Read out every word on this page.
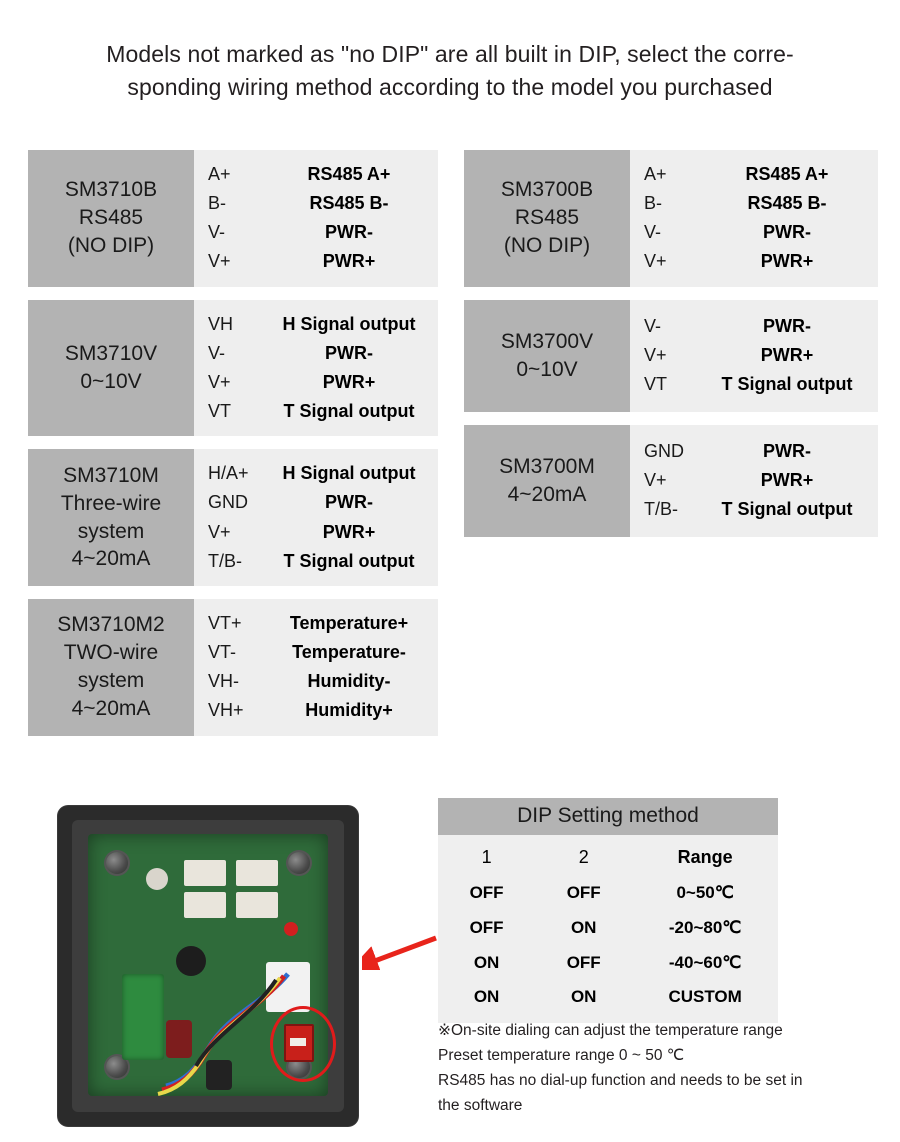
Models not marked as "no DIP" are all built in DIP, select the corre-
sponding wiring method according to the model you purchased
SM3710B
RS485
(NO DIP)
A+	RS485 A+
B-	RS485 B-
V-	PWR-
V+	PWR+
SM3710V
0~10V
VH	H Signal output
V-	PWR-
V+	PWR+
VT	T Signal output
SM3710M
Three-wire
system
4~20mA
H/A+	H Signal output
GND	PWR-
V+	PWR+
T/B-	T Signal output
SM3710M2
TWO-wire
system
4~20mA
VT+	Temperature+
VT-	Temperature-
VH-	Humidity-
VH+	Humidity+
SM3700B
RS485
(NO DIP)
A+	RS485 A+
B-	RS485 B-
V-	PWR-
V+	PWR+
SM3700V
0~10V
V-	PWR-
V+	PWR+
VT	T Signal output
SM3700M
4~20mA
GND	PWR-
V+	PWR+
T/B-	T Signal output
DIP Setting method
1	2	Range
OFF	OFF	0~50℃
OFF	ON	-20~80℃
ON	OFF	-40~60℃
ON	ON	CUSTOM
※On-site dialing can adjust the temperature range
Preset temperature range 0 ~ 50 ℃
RS485 has no dial-up function and needs to be set in
the software
